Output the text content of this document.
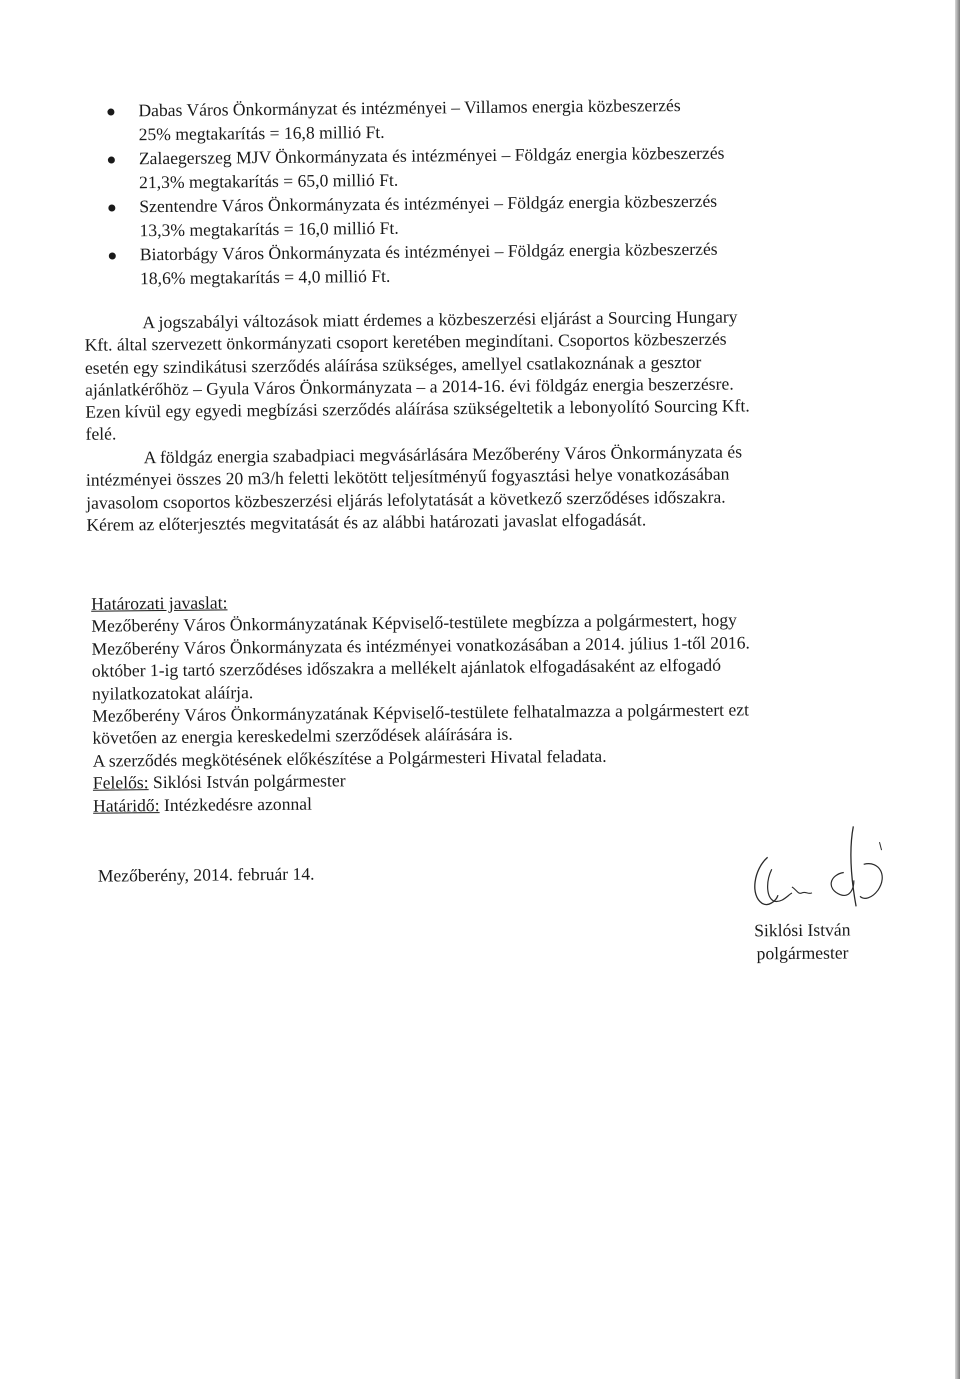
Dabas Város Önkormányzat és intézményei – Villamos energia közbeszerzés
25% megtakarítás = 16,8 millió Ft.
Zalaegerszeg MJV Önkormányzata és intézményei – Földgáz energia közbeszerzés
21,3% megtakarítás = 65,0 millió Ft.
Szentendre Város Önkormányzata és intézményei – Földgáz energia közbeszerzés
13,3% megtakarítás = 16,0 millió Ft.
Biatorbágy Város Önkormányzata és intézményei – Földgáz energia közbeszerzés
18,6% megtakarítás = 4,0 millió Ft.
A jogszabályi változások miatt érdemes a közbeszerzési eljárást a Sourcing Hungary
Kft. által szervezett önkormányzati csoport keretében megindítani. Csoportos közbeszerzés
esetén egy szindikátusi szerződés aláírása szükséges, amellyel csatlakoznának a gesztor
ajánlatkérőhöz – Gyula Város Önkormányzata – a 2014-16. évi földgáz energia beszerzésre.
Ezen kívül egy egyedi megbízási szerződés aláírása szükségeltetik a lebonyolító Sourcing Kft.
felé.
A földgáz energia szabadpiaci megvásárlására Mezőberény Város Önkormányzata és
intézményei összes 20 m3/h feletti lekötött teljesítményű fogyasztási helye vonatkozásában
javasolom csoportos közbeszerzési eljárás lefolytatását a következő szerződéses időszakra.
Kérem az előterjesztés megvitatását és az alábbi határozati javaslat elfogadását.
Határozati javaslat:
Mezőberény Város Önkormányzatának Képviselő-testülete megbízza a polgármestert, hogy
Mezőberény Város Önkormányzata és intézményei vonatkozásában a 2014. július 1-től 2016.
október 1-ig tartó szerződéses időszakra a mellékelt ajánlatok elfogadásaként az elfogadó
nyilatkozatokat aláírja.
Mezőberény Város Önkormányzatának Képviselő-testülete felhatalmazza a polgármestert ezt
követően az energia kereskedelmi szerződések aláírására is.
A szerződés megkötésének előkészítése a Polgármesteri Hivatal feladata.
Felelős: Siklósi István polgármester
Határidő: Intézkedésre azonnal
Mezőberény, 2014. február 14.
Siklósi István
polgármester
